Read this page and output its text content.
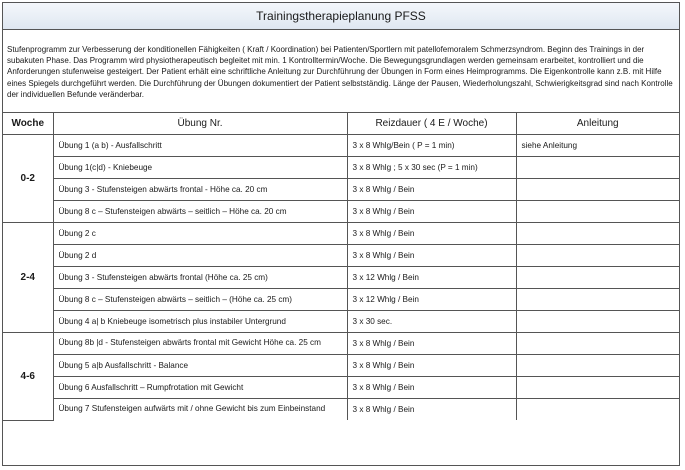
Trainingstherapieplanung PFSS
Stufenprogramm zur Verbesserung der konditionellen Fähigkeiten ( Kraft / Koordination) bei Patienten/Sportlern mit patellofemoralem Schmerzsyndrom. Beginn des Trainings in der subakuten Phase. Das Programm wird physiotherapeutisch begleitet mit min. 1 Kontrolltermin/Woche. Die Bewegungsgrundlagen werden gemeinsam erarbeitet, kontrolliert und die Anforderungen stufenweise gesteigert. Der Patient erhält eine schriftliche Anleitung zur Durchführung der Übungen in Form eines Heimprogramms. Die Eigenkontrolle kann z.B. mit Hilfe eines Spiegels durchgeführt werden. Die Durchführung der Übungen dokumentiert der Patient selbstständig. Länge der Pausen, Wiederholungszahl, Schwierigkeitsgrad sind nach Kontrolle der individuellen Befunde veränderbar.
Woche	Übung Nr.	Reizdauer ( 4 E / Woche)	Anleitung
0-2	Übung 1 (a b) - Ausfallschritt	3 x 8 Whlg/Bein ( P = 1 min)	siehe Anleitung
	Übung 1(c|d) - Kniebeuge	3 x 8 Whlg ; 5 x 30 sec (P = 1 min)	
	Übung 3 - Stufensteigen abwärts frontal - Höhe ca. 20 cm	3 x 8 Whlg / Bein	
	Übung 8 c – Stufensteigen abwärts – seitlich – Höhe ca. 20 cm	3 x 8 Whlg / Bein	
2-4	Übung 2 c	3 x 8 Whlg / Bein	
	Übung 2 d	3 x 8 Whlg / Bein	
	Übung 3 - Stufensteigen abwärts frontal (Höhe ca. 25 cm)	3 x 12 Whlg / Bein	
	Übung 8 c – Stufensteigen abwärts – seitlich – (Höhe ca. 25 cm)	3 x 12 Whlg / Bein	
	Übung 4 a| b Kniebeuge isometrisch plus instabiler Untergrund	3 x 30 sec.	
4-6	Übung 8b |d - Stufensteigen abwärts frontal mit Gewicht Höhe ca. 25 cm	3 x 8 Whlg / Bein	
	Übung 5 a|b Ausfallschritt - Balance	3 x 8 Whlg / Bein	
	Übung 6 Ausfallschritt – Rumpfrotation mit Gewicht	3 x 8 Whlg / Bein	
	Übung 7 Stufensteigen aufwärts mit / ohne Gewicht bis zum Einbeinstand	3 x 8 Whlg / Bein	
